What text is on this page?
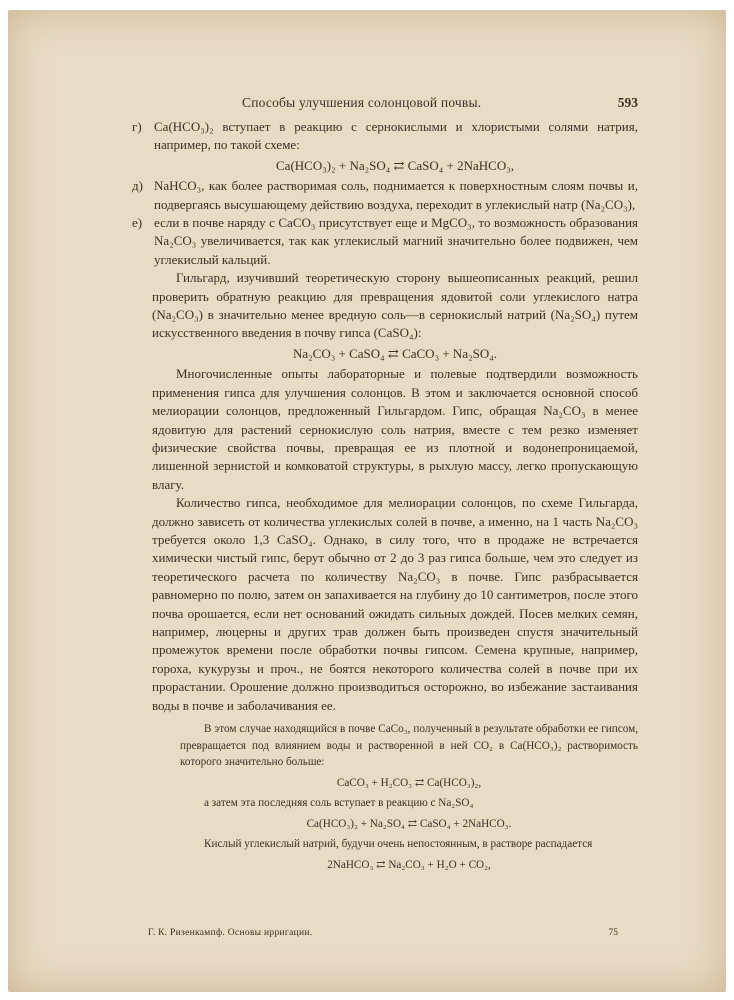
Способы улучшения солонцовой почвы.	593
г) Ca(HCO₃)₂ вступает в реакцию с сернокислыми и хлористыми солями натрия, например, по такой схеме:
Ca(HCO₃)₂ + Na₂SO₄ ⇄ CaSO₄ + 2NaHCO₃,
д) NaHCO₃, как более растворимая соль, поднимается к поверхностным слоям почвы и, подвергаясь высушающему действию воздуха, переходит в углекислый натр (Na₂CO₃),
е) если в почве наряду с CaCO₃ присутствует еще и MgCO₃, то возможность образования Na₂CO₃ увеличивается, так как углекислый магний значительно более подвижен, чем углекислый кальций.

Гильгард, изучивший теоретическую сторону вышеописанных реакций, решил проверить обратную реакцию для превращения ядовитой соли углекислого натра (Na₂CO₃) в значительно менее вредную соль—в сернокислый натрий (Na₂SO₄) путем искусственного введения в почву гипса (CaSO₄):

Na₂CO₃ + CaSO₄ ⇄ CaCO₃ + Na₂SO₄.

Многочисленные опыты лабораторные и полевые подтвердили возможность применения гипса для улучшения солонцов. В этом и заключается основной способ мелиорации солонцов, предложенный Гильгардом. Гипс, обращая Na₂CO₃ в менее ядовитую для растений сернокислую соль натрия, вместе с тем резко изменяет физические свойства почвы, превращая ее из плотной и водонепроницаемой, лишенной зернистой и комковатой структуры, в рыхлую массу, легко пропускающую влагу.

Количество гипса, необходимое для мелиорации солонцов, по схеме Гильгарда, должно зависеть от количества углекислых солей в почве, а именно, на 1 часть Na₂CO₃ требуется около 1,3 CaSO₄. Однако, в силу того, что в продаже не встречается химически чистый гипс, берут обычно от 2 до 3 раз гипса больше, чем это следует из теоретического расчета по количеству Na₂CO₃ в почве. Гипс разбрасывается равномерно по полю, затем он запахивается на глубину до 10 сантиметров, после этого почва орошается, если нет оснований ожидать сильных дождей. Посев мелких семян, например, люцерны и других трав должен быть произведен спустя значительный промежуток времени после обработки почвы гипсом. Семена крупные, например, гороха, кукурузы и проч., не боятся некоторого количества солей в почве при их прорастании. Орошение должно производиться осторожно, во избежание застаивания воды в почве и заболачивания ее.

В этом случае находящийся в почве CaCo₃, полученный в результате обработки ее гипсом, превращается под влиянием воды и растворенной в ней CO₂ в Ca(HCO₃)₂ растворимость которого значительно больше:

CaCO₃ + H₂CO₃ ⇄ Ca(HCO₃)₂,

а затем эта последняя соль вступает в реакцию с Na₂SO₄

Ca(HCO₃)₂ + Na₂SO₄ ⇄ CaSO₄ + 2NaHCO₃.

Кислый углекислый натрий, будучи очень непостоянным, в растворе распадается

2NaHCO₃ ⇄ Na₂CO₃ + H₂O + CO₂,
Г. К. Ризенкампф. Основы ирригации.	75
